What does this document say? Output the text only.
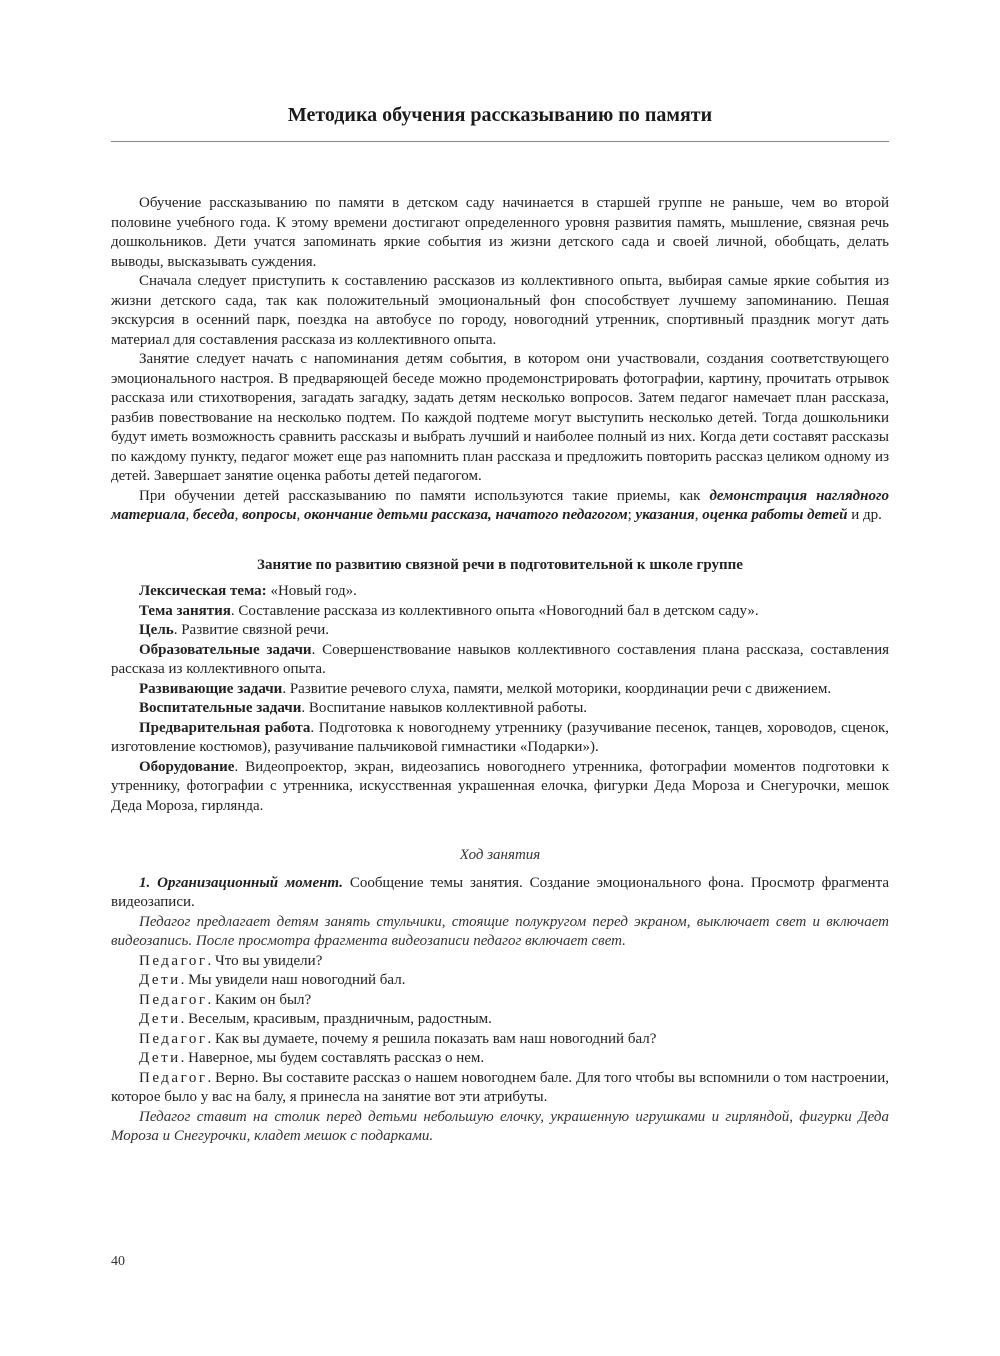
Методика обучения рассказыванию по памяти

Обучение рассказыванию по памяти в детском саду начинается в старшей группе не раньше, чем во второй половине учебного года. К этому времени достигают определенного уровня развития память, мышление, связная речь дошкольников. Дети учатся запоминать яркие события из жизни детского сада и своей личной, обобщать, делать выводы, высказывать суждения.

Сначала следует приступить к составлению рассказов из коллективного опыта, выбирая самые яркие события из жизни детского сада, так как положительный эмоциональный фон способствует лучшему запоминанию. Пешая экскурсия в осенний парк, поездка на автобусе по городу, новогодний утренник, спортивный праздник могут дать материал для составления рассказа из коллективного опыта.

Занятие следует начать с напоминания детям события, в котором они участвовали, создания соответствующего эмоционального настроя. В предваряющей беседе можно продемонстрировать фотографии, картину, прочитать отрывок рассказа или стихотворения, загадать загадку, задать детям несколько вопросов. Затем педагог намечает план рассказа, разбив повествование на несколько подтем. По каждой подтеме могут выступить несколько детей. Тогда дошкольники будут иметь возможность сравнить рассказы и выбрать лучший и наиболее полный из них. Когда дети составят рассказы по каждому пункту, педагог может еще раз напомнить план рассказа и предложить повторить рассказ целиком одному из детей. Завершает занятие оценка работы детей педагогом.

При обучении детей рассказыванию по памяти используются такие приемы, как демонстрация наглядного материала, беседа, вопросы, окончание детьми рассказа, начатого педагогом; указания, оценка работы детей и др.

Занятие по развитию связной речи в подготовительной к школе группе

Лексическая тема: «Новый год».

Тема занятия. Составление рассказа из коллективного опыта «Новогодний бал в детском саду».

Цель. Развитие связной речи.

Образовательные задачи. Совершенствование навыков коллективного составления плана рассказа, составления рассказа из коллективного опыта.

Развивающие задачи. Развитие речевого слуха, памяти, мелкой моторики, координации речи с движением.

Воспитательные задачи. Воспитание навыков коллективной работы.

Предварительная работа. Подготовка к новогоднему утреннику (разучивание песенок, танцев, хороводов, сценок, изготовление костюмов), разучивание пальчиковой гимнастики «Подарки»).

Оборудование. Видеопроектор, экран, видеозапись новогоднего утренника, фотографии моментов подготовки к утреннику, фотографии с утренника, искусственная украшенная елочка, фигурки Деда Мороза и Снегурочки, мешок Деда Мороза, гирлянда.

Ход занятия

1. Организационный момент. Сообщение темы занятия. Создание эмоционального фона. Просмотр фрагмента видеозаписи.

Педагог предлагает детям занять стульчики, стоящие полукругом перед экраном, выключает свет и включает видеозапись. После просмотра фрагмента видеозаписи педагог включает свет.

Педагог. Что вы увидели?

Дети. Мы увидели наш новогодний бал.

Педагог. Каким он был?

Дети. Веселым, красивым, праздничным, радостным.

Педагог. Как вы думаете, почему я решила показать вам наш новогодний бал?

Дети. Наверное, мы будем составлять рассказ о нем.

Педагог. Верно. Вы составите рассказ о нашем новогоднем бале. Для того чтобы вы вспомнили о том настроении, которое было у вас на балу, я принесла на занятие вот эти атрибуты.

Педагог ставит на столик перед детьми небольшую елочку, украшенную игрушками и гирляндой, фигурки Деда Мороза и Снегурочки, кладет мешок с подарками.

40
